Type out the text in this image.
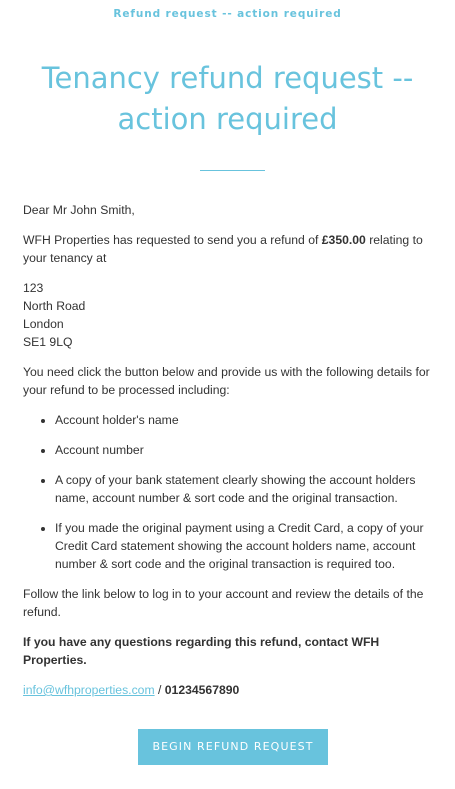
Refund request -- action required
Tenancy refund request -- action required

Dear Mr John Smith,

WFH Properties has requested to send you a refund of £350.00 relating to your tenancy at

123
North Road
London
SE1 9LQ

You need click the button below and provide us with the following details for your refund to be processed including:

• Account holder's name
• Account number
• A copy of your bank statement clearly showing the account holders name, account number & sort code and the original transaction.
• If you made the original payment using a Credit Card, a copy of your Credit Card statement showing the account holders name, account number & sort code and the original transaction is required too.

Follow the link below to log in to your account and review the details of the refund.

If you have any questions regarding this refund, contact WFH Properties.

info@wfhproperties.com / 01234567890

BEGIN REFUND REQUEST
